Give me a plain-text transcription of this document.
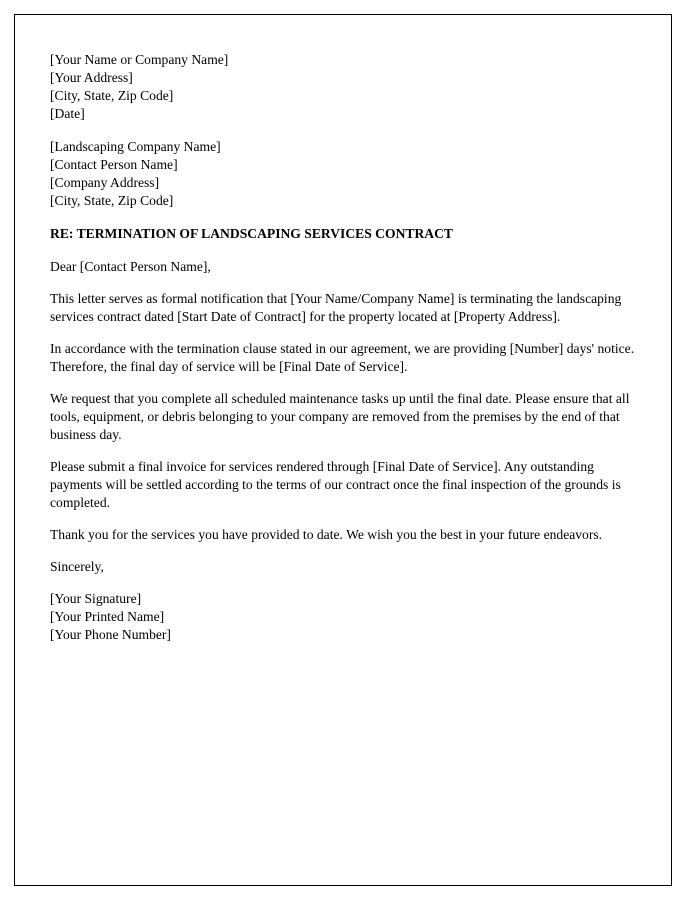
[Your Name or Company Name]
[Your Address]
[City, State, Zip Code]
[Date]
[Landscaping Company Name]
[Contact Person Name]
[Company Address]
[City, State, Zip Code]
RE: TERMINATION OF LANDSCAPING SERVICES CONTRACT
Dear [Contact Person Name],
This letter serves as formal notification that [Your Name/Company Name] is terminating the landscaping services contract dated [Start Date of Contract] for the property located at [Property Address].
In accordance with the termination clause stated in our agreement, we are providing [Number] days' notice. Therefore, the final day of service will be [Final Date of Service].
We request that you complete all scheduled maintenance tasks up until the final date. Please ensure that all tools, equipment, or debris belonging to your company are removed from the premises by the end of that business day.
Please submit a final invoice for services rendered through [Final Date of Service]. Any outstanding payments will be settled according to the terms of our contract once the final inspection of the grounds is completed.
Thank you for the services you have provided to date. We wish you the best in your future endeavors.
Sincerely,
[Your Signature]
[Your Printed Name]
[Your Phone Number]
